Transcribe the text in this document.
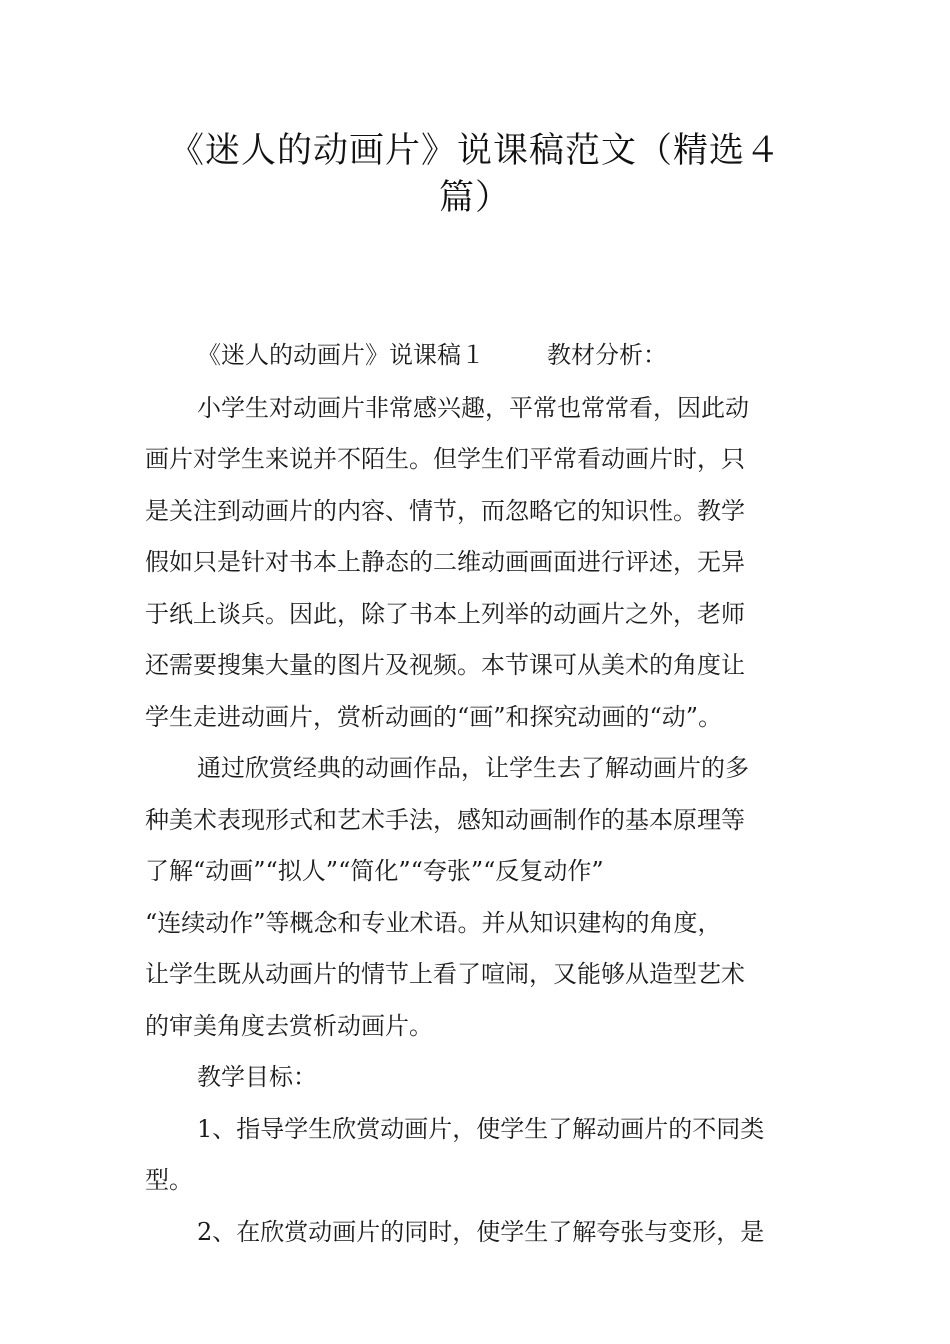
《迷人的动画片》说课稿范文（精选４
篇）

《迷人的动画片》说课稿１	教材分析：

小学生对动画片非常感兴趣，平常也常常看，因此动
画片对学生来说并不陌生。但学生们平常看动画片时，只
是关注到动画片的内容、情节，而忽略它的知识性。教学
假如只是针对书本上静态的二维动画画面进行评述，无异
于纸上谈兵。因此，除了书本上列举的动画片之外，老师
还需要搜集大量的图片及视频。本节课可从美术的角度让
学生走进动画片，赏析动画的“画”和探究动画的“动”。
通过欣赏经典的动画作品，让学生去了解动画片的多
种美术表现形式和艺术手法，感知动画制作的基本原理等
了解“动画”“拟人”“简化”“夸张”“反复动作”
“连续动作”等概念和专业术语。并从知识建构的角度，
让学生既从动画片的情节上看了喧闹，又能够从造型艺术
的审美角度去赏析动画片。
教学目标：
1、指导学生欣赏动画片，使学生了解动画片的不同类
型。
2、在欣赏动画片的同时，使学生了解夸张与变形，是
